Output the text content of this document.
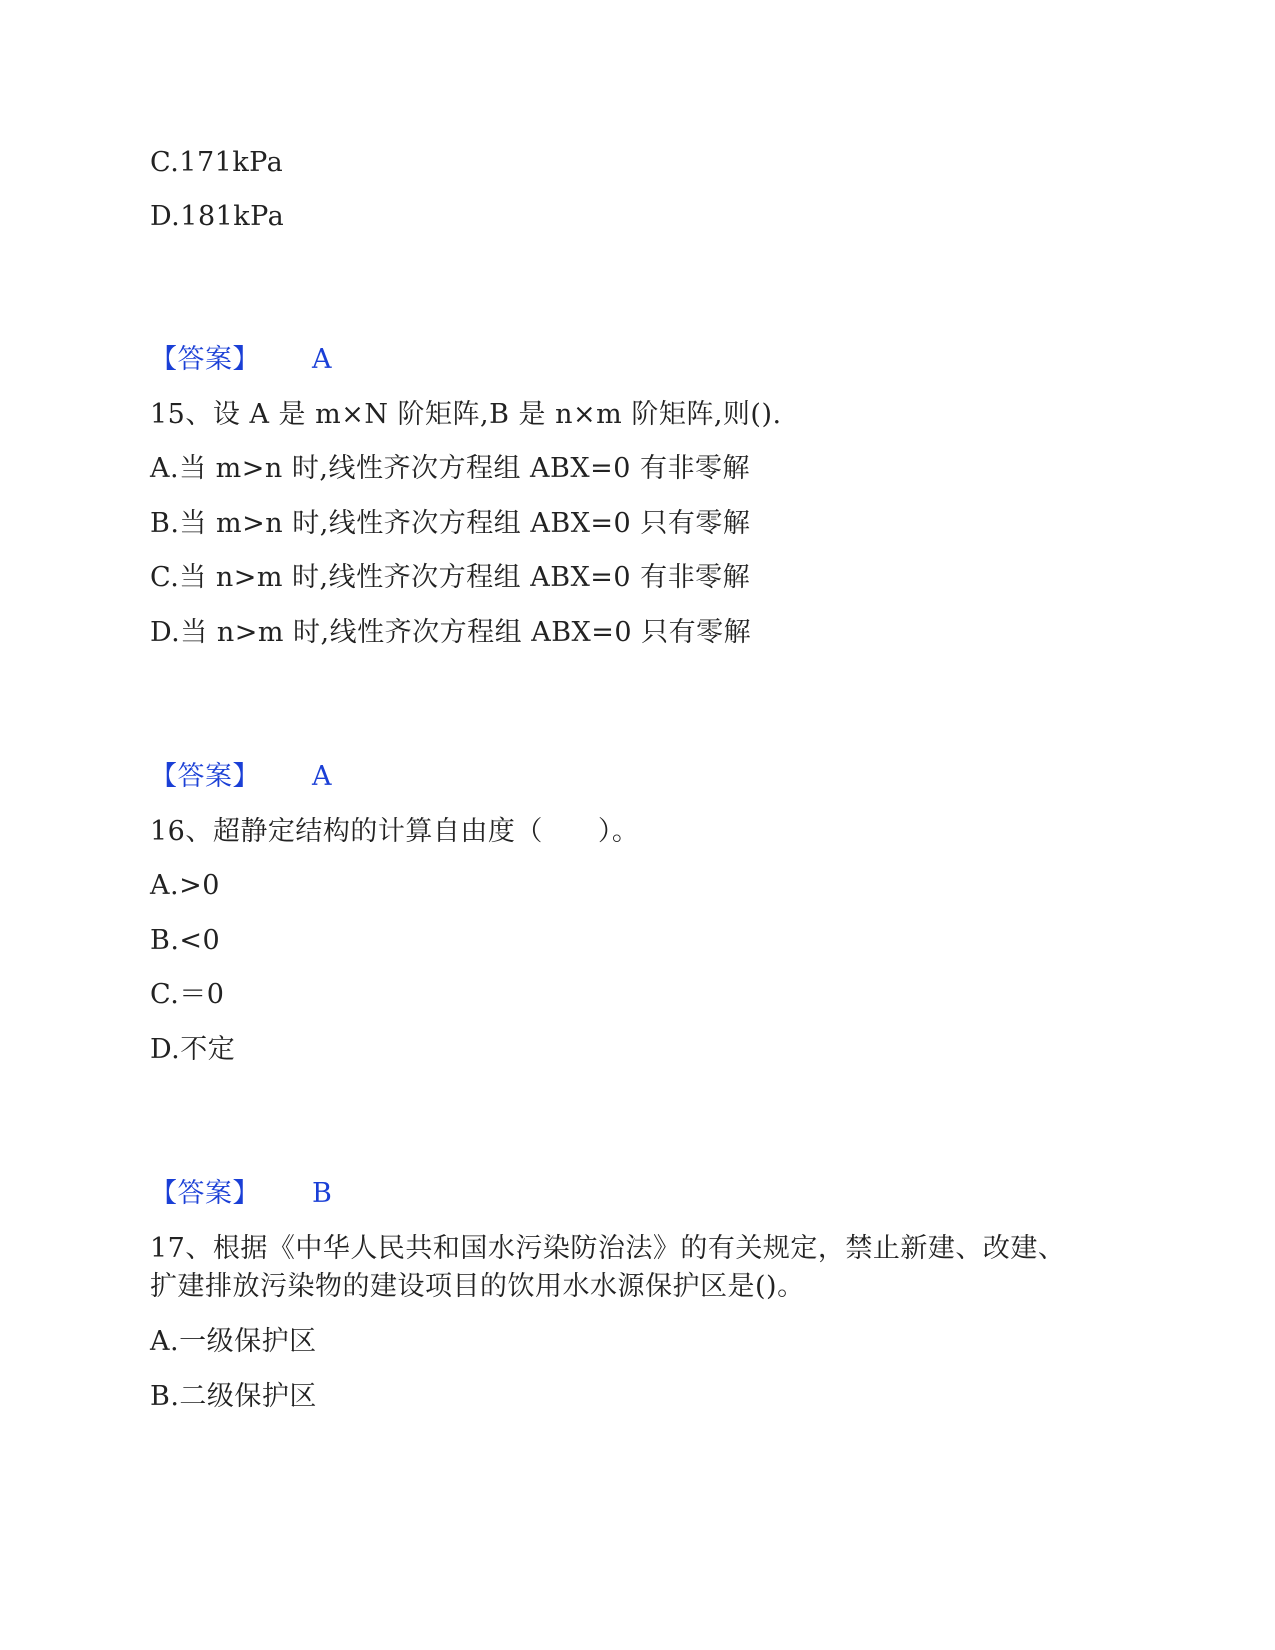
C.171kPa
D.181kPa
【答案】 A
15、设 A 是 m×N 阶矩阵,B 是 n×m 阶矩阵,则().
A.当 m>n 时,线性齐次方程组 ABX=0 有非零解
B.当 m>n 时,线性齐次方程组 ABX=0 只有零解
C.当 n>m 时,线性齐次方程组 ABX=0 有非零解
D.当 n>m 时,线性齐次方程组 ABX=0 只有零解
【答案】 A
16、超静定结构的计算自由度（　　）。
A.>0
B.<0
C.＝0
D.不定
【答案】 B
17、根据《中华人民共和国水污染防治法》的有关规定，禁止新建、改建、
扩建排放污染物的建设项目的饮用水水源保护区是()。
A.一级保护区
B.二级保护区
